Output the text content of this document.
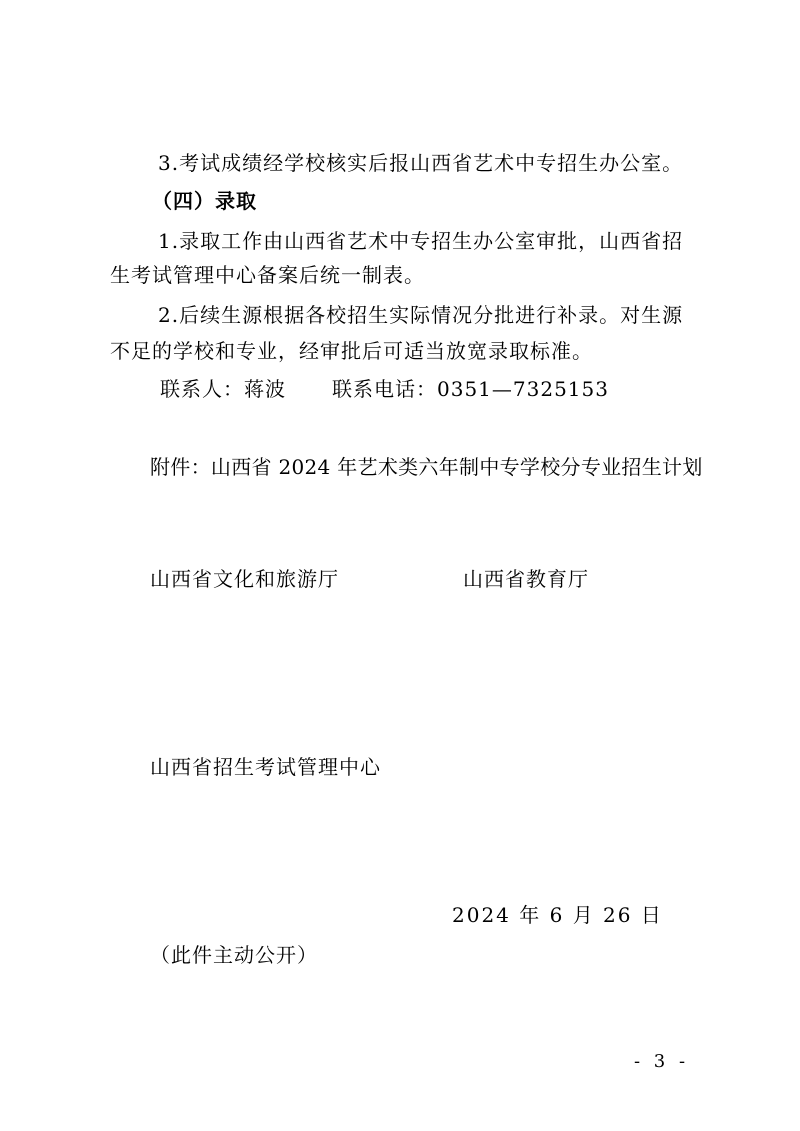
3.考试成绩经学校核实后报山西省艺术中专招生办公室。
（四）录取
1.录取工作由山西省艺术中专招生办公室审批，山西省招
生考试管理中心备案后统一制表。
2.后续生源根据各校招生实际情况分批进行补录。对生源
不足的学校和专业，经审批后可适当放宽录取标准。
联系人：蒋波 联系电话：0351—7325153
附件：山西省 2024 年艺术类六年制中专学校分专业招生计划
山西省文化和旅游厅	山西省教育厅
山西省招生考试管理中心
2024 年 6 月 26 日
（此件主动公开）
- 3 -
